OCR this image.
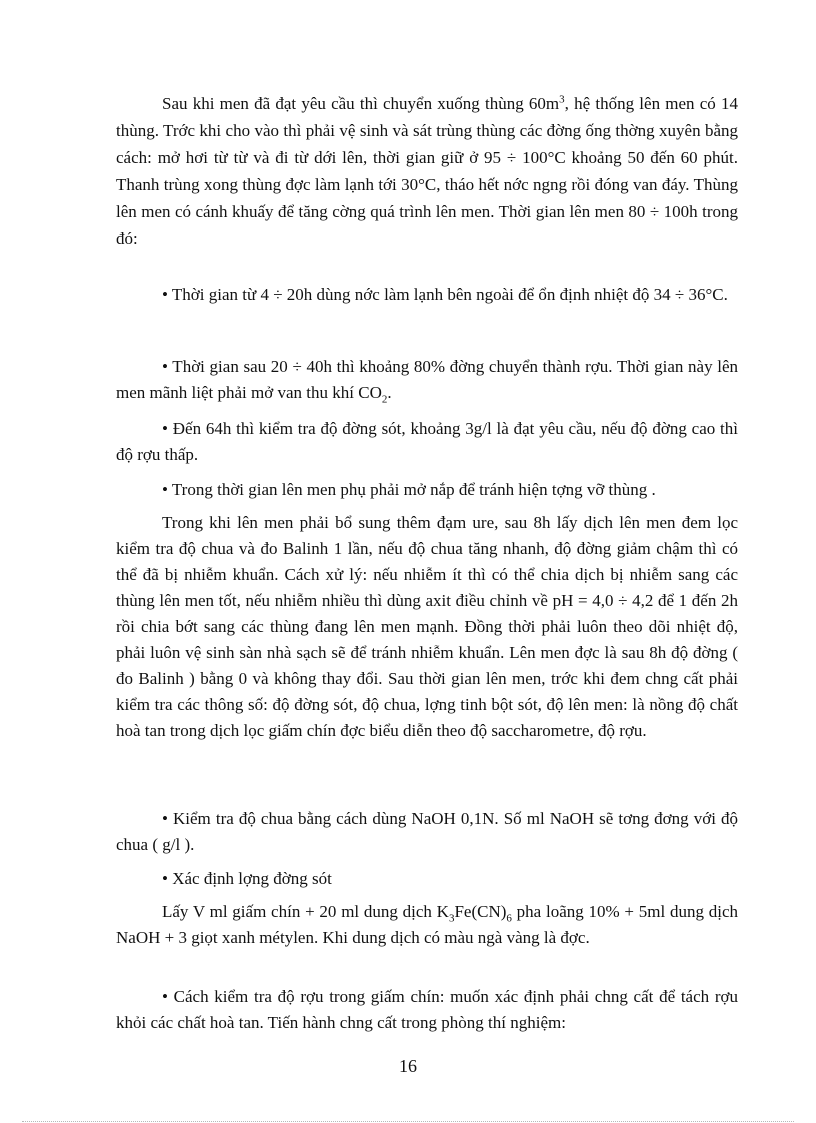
Sau khi men đã đạt yêu cầu thì chuyển xuống thùng $60m^3$, hệ thống lên men có 14 thùng. Trớc khi cho vào thì phải vệ sinh và sát trùng thùng các đờng ống thờng xuyên bằng cách: mở hơi từ từ và đi từ dới lên, thời gian giữ ở 95 ÷ 100°C khoảng 50 đến 60 phút. Thanh trùng xong thùng đợc làm lạnh tới 30°C, tháo hết nớc ngng rồi đóng van đáy. Thùng lên men có cánh khuấy để tăng cờng quá trình lên men. Thời gian lên men 80 ÷ 100h trong đó:

• Thời gian từ 4 ÷ 20h dùng nớc làm lạnh bên ngoài để ổn định nhiệt độ 34 ÷ 36°C.

• Thời gian sau 20 ÷ 40h thì khoảng 80% đờng chuyển thành rợu. Thời gian này lên men mãnh liệt phải mở van thu khí $CO_2$.

• Đến 64h thì kiểm tra độ đờng sót, khoảng 3g/l là đạt yêu cầu, nếu độ đờng cao thì độ rợu thấp.

• Trong thời gian lên men phụ phải mở nắp để tránh hiện tợng vỡ thùng .

Trong khi lên men phải bổ sung thêm đạm ure, sau 8h lấy dịch lên men đem lọc kiểm tra độ chua và đo Balinh 1 lần, nếu độ chua tăng nhanh, độ đờng giảm chậm thì có thể đã bị nhiễm khuẩn. Cách xử lý: nếu nhiễm ít thì có thể chia dịch bị nhiễm sang các thùng lên men tốt, nếu nhiễm nhiều thì dùng axit điều chỉnh về pH = 4,0 ÷ 4,2 để 1 đến 2h rồi chia bớt sang các thùng đang lên men mạnh. Đồng thời phải luôn theo dõi nhiệt độ, phải luôn vệ sinh sàn nhà sạch sẽ để tránh nhiễm khuẩn. Lên men đợc là sau 8h độ đờng ( đo Balinh ) bằng 0 và không thay đổi. Sau thời gian lên men, trớc khi đem chng cất phải kiểm tra các thông số: độ đờng sót, độ chua, lợng tinh bột sót, độ lên men: là nồng độ chất hoà tan trong dịch lọc giấm chín đợc biểu diễn theo độ saccharometre, độ rợu.

• Kiểm tra độ chua bằng cách dùng NaOH 0,1N. Số ml NaOH sẽ tơng đơng với độ chua ( g/l ).

• Xác định lợng đờng sót

Lấy V ml giấm chín + 20 ml dung dịch $K_3Fe(CN)_6$ pha loãng 10% + 5ml dung dịch NaOH + 3 giọt xanh métylen. Khi dung dịch có màu ngà vàng là đợc.

• Cách kiểm tra độ rợu trong giấm chín: muốn xác định phải chng cất để tách rợu khỏi các chất hoà tan. Tiến hành chng cất trong phòng thí nghiệm:

16
